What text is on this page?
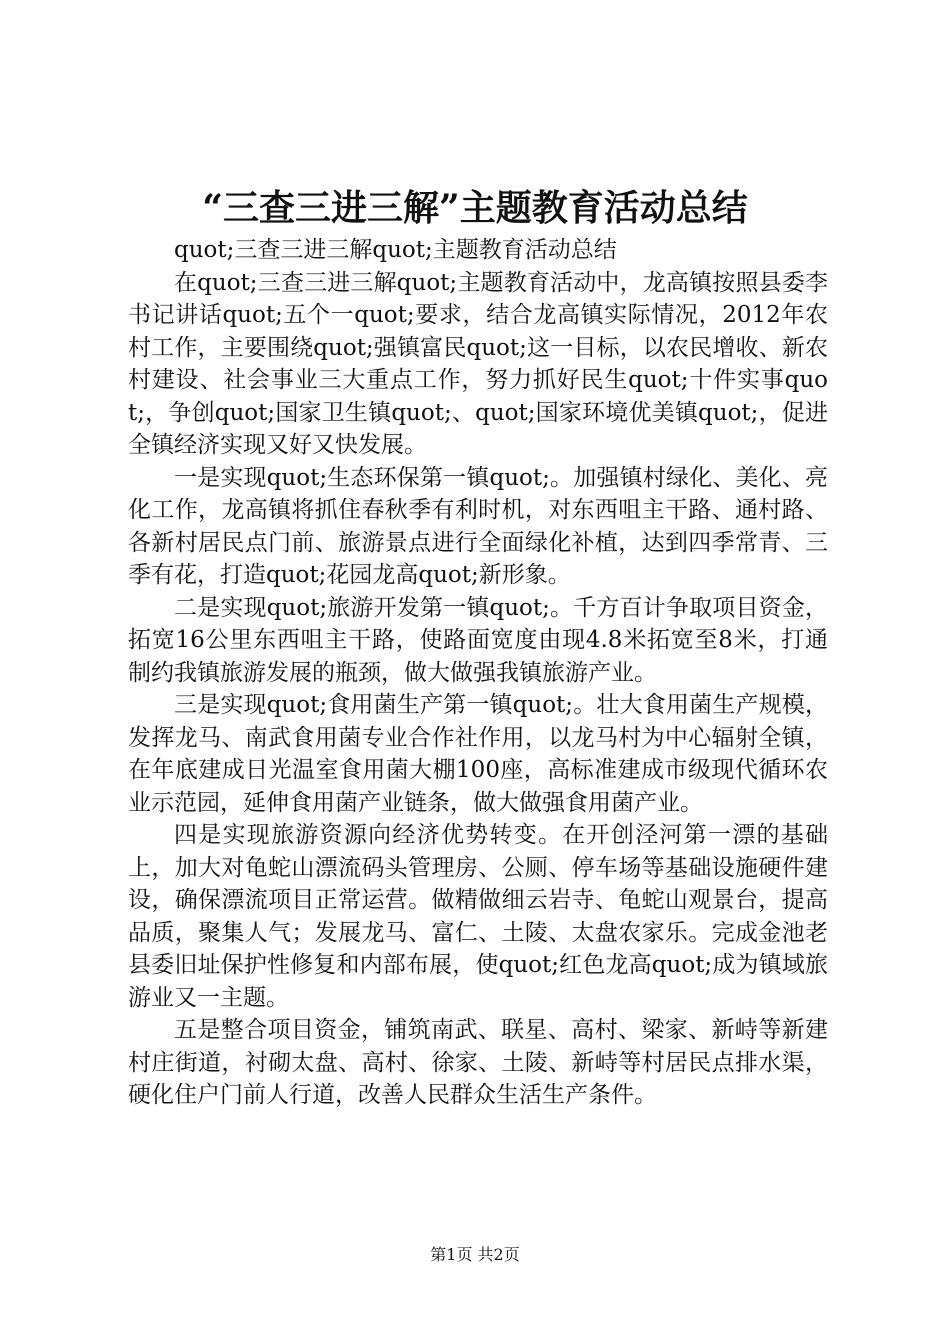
“三查三进三解”主题教育活动总结

quot;三查三进三解quot;主题教育活动总结

在quot;三查三进三解quot;主题教育活动中，龙高镇按照县委李书记讲话quot;五个一quot;要求，结合龙高镇实际情况，2012年农村工作，主要围绕quot;强镇富民quot;这一目标，以农民增收、新农村建设、社会事业三大重点工作，努力抓好民生quot;十件实事quot;，争创quot;国家卫生镇quot;、quot;国家环境优美镇quot;，促进全镇经济实现又好又快发展。

一是实现quot;生态环保第一镇quot;。加强镇村绿化、美化、亮化工作，龙高镇将抓住春秋季有利时机，对东西咀主干路、通村路、各新村居民点门前、旅游景点进行全面绿化补植，达到四季常青、三季有花，打造quot;花园龙高quot;新形象。

二是实现quot;旅游开发第一镇quot;。千方百计争取项目资金，拓宽16公里东西咀主干路，使路面宽度由现4.8米拓宽至8米，打通制约我镇旅游发展的瓶颈，做大做强我镇旅游产业。

三是实现quot;食用菌生产第一镇quot;。壮大食用菌生产规模，发挥龙马、南武食用菌专业合作社作用，以龙马村为中心辐射全镇，在年底建成日光温室食用菌大棚100座，高标准建成市级现代循环农业示范园，延伸食用菌产业链条，做大做强食用菌产业。

四是实现旅游资源向经济优势转变。在开创泾河第一漂的基础上，加大对龟蛇山漂流码头管理房、公厕、停车场等基础设施硬件建设，确保漂流项目正常运营。做精做细云岩寺、龟蛇山观景台，提高品质，聚集人气；发展龙马、富仁、土陵、太盘农家乐。完成金池老县委旧址保护性修复和内部布展，使quot;红色龙高quot;成为镇域旅游业又一主题。

五是整合项目资金，铺筑南武、联星、高村、梁家、新峙等新建村庄街道，衬砌太盘、高村、徐家、土陵、新峙等村居民点排水渠，硬化住户门前人行道，改善人民群众生活生产条件。

第1页 共2页
